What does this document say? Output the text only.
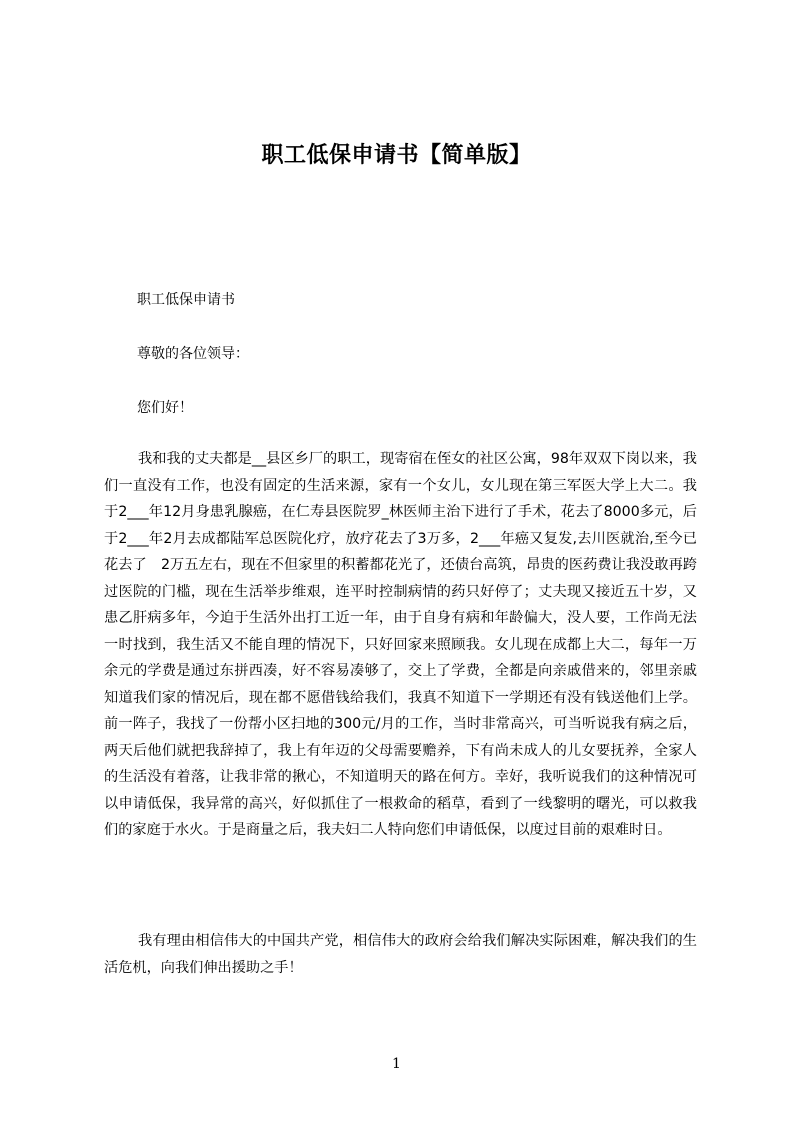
职工低保申请书【简单版】

职工低保申请书

尊敬的各位领导：

您们好！

我和我的丈夫都是__县区乡厂的职工，现寄宿在侄女的社区公寓，98年双双下岗以来，我们一直没有工作，也没有固定的生活来源，家有一个女儿，女儿现在第三军医大学上大二。我于2___年12月身患乳腺癌，在仁寿县医院罗_林医师主治下进行了手术，花去了8000多元，后于2___年2月去成都陆军总医院化疗，放疗花去了3万多，2___年癌又复发,去川医就治,至今已花去了　2万五左右，现在不但家里的积蓄都花光了，还债台高筑，昂贵的医药费让我没敢再跨过医院的门槛，现在生活举步维艰，连平时控制病情的药只好停了；丈夫现又接近五十岁，又患乙肝病多年，今迫于生活外出打工近一年，由于自身有病和年龄偏大，没人要，工作尚无法一时找到，我生活又不能自理的情况下，只好回家来照顾我。女儿现在成都上大二，每年一万余元的学费是通过东拼西凑，好不容易凑够了，交上了学费，全都是向亲戚借来的，邻里亲戚知道我们家的情况后，现在都不愿借钱给我们，我真不知道下一学期还有没有钱送他们上学。前一阵子，我找了一份帮小区扫地的300元/月的工作，当时非常高兴，可当听说我有病之后，两天后他们就把我辞掉了，我上有年迈的父母需要赡养，下有尚未成人的儿女要抚养，全家人的生活没有着落，让我非常的揪心，不知道明天的路在何方。幸好，我听说我们的这种情况可以申请低保，我异常的高兴，好似抓住了一根救命的稻草，看到了一线黎明的曙光，可以救我们的家庭于水火。于是商量之后，我夫妇二人特向您们申请低保，以度过目前的艰难时日。

我有理由相信伟大的中国共产党，相信伟大的政府会给我们解决实际困难，解决我们的生活危机，向我们伸出援助之手！

1
